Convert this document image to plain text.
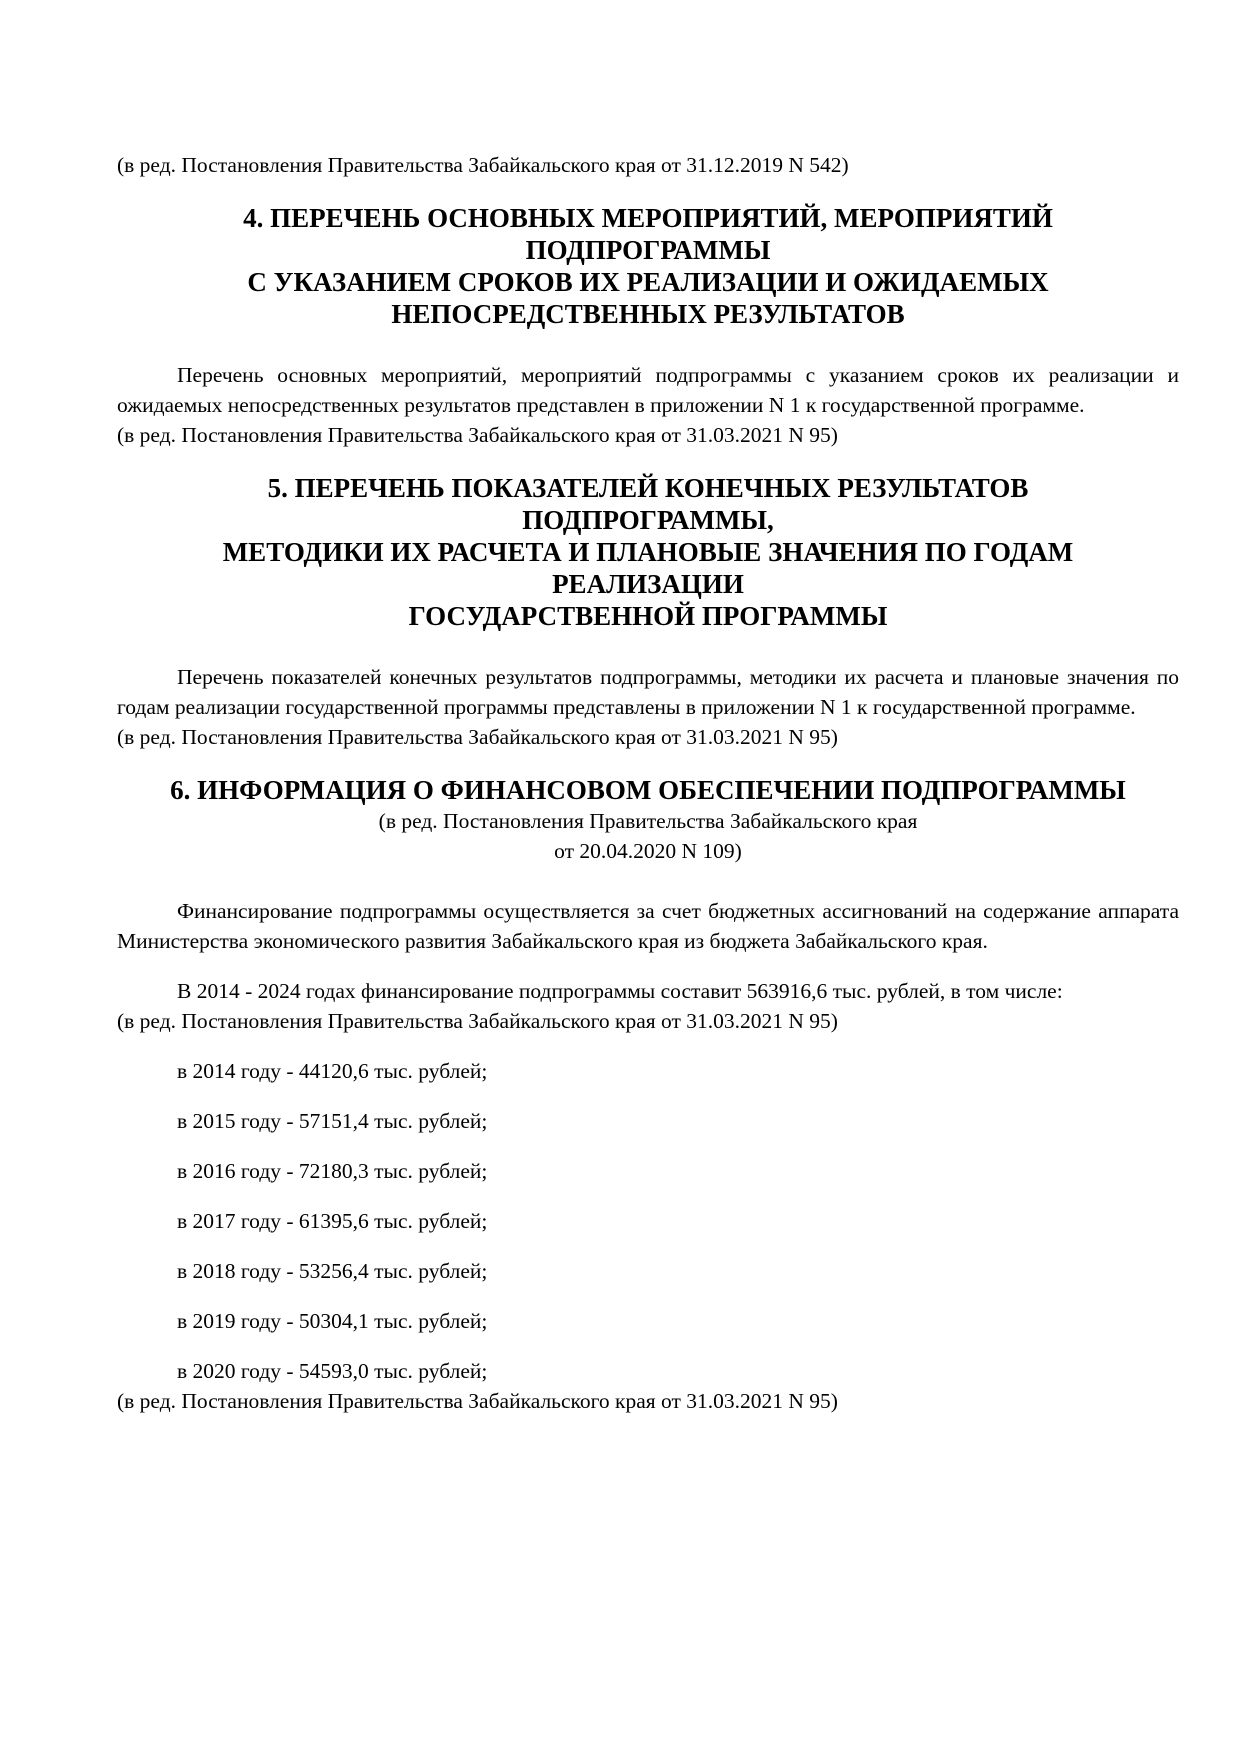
(в ред. Постановления Правительства Забайкальского края от 31.12.2019 N 542)

4. ПЕРЕЧЕНЬ ОСНОВНЫХ МЕРОПРИЯТИЙ, МЕРОПРИЯТИЙ
ПОДПРОГРАММЫ
С УКАЗАНИЕМ СРОКОВ ИХ РЕАЛИЗАЦИИ И ОЖИДАЕМЫХ
НЕПОСРЕДСТВЕННЫХ РЕЗУЛЬТАТОВ

Перечень основных мероприятий, мероприятий подпрограммы с указанием сроков их реализации и ожидаемых непосредственных результатов представлен в приложении N 1 к государственной программе.

(в ред. Постановления Правительства Забайкальского края от 31.03.2021 N 95)

5. ПЕРЕЧЕНЬ ПОКАЗАТЕЛЕЙ КОНЕЧНЫХ РЕЗУЛЬТАТОВ
ПОДПРОГРАММЫ,
МЕТОДИКИ ИХ РАСЧЕТА И ПЛАНОВЫЕ ЗНАЧЕНИЯ ПО ГОДАМ
РЕАЛИЗАЦИИ
ГОСУДАРСТВЕННОЙ ПРОГРАММЫ

Перечень показателей конечных результатов подпрограммы, методики их расчета и плановые значения по годам реализации государственной программы представлены в приложении N 1 к государственной программе.

(в ред. Постановления Правительства Забайкальского края от 31.03.2021 N 95)

6. ИНФОРМАЦИЯ О ФИНАНСОВОМ ОБЕСПЕЧЕНИИ ПОДПРОГРАММЫ

(в ред. Постановления Правительства Забайкальского края
от 20.04.2020 N 109)

Финансирование подпрограммы осуществляется за счет бюджетных ассигнований на содержание аппарата Министерства экономического развития Забайкальского края из бюджета Забайкальского края.

В 2014 - 2024 годах финансирование подпрограммы составит 563916,6 тыс. рублей, в том числе:

(в ред. Постановления Правительства Забайкальского края от 31.03.2021 N 95)

в 2014 году - 44120,6 тыс. рублей;

в 2015 году - 57151,4 тыс. рублей;

в 2016 году - 72180,3 тыс. рублей;

в 2017 году - 61395,6 тыс. рублей;

в 2018 году - 53256,4 тыс. рублей;

в 2019 году - 50304,1 тыс. рублей;

в 2020 году - 54593,0 тыс. рублей;

(в ред. Постановления Правительства Забайкальского края от 31.03.2021 N 95)
